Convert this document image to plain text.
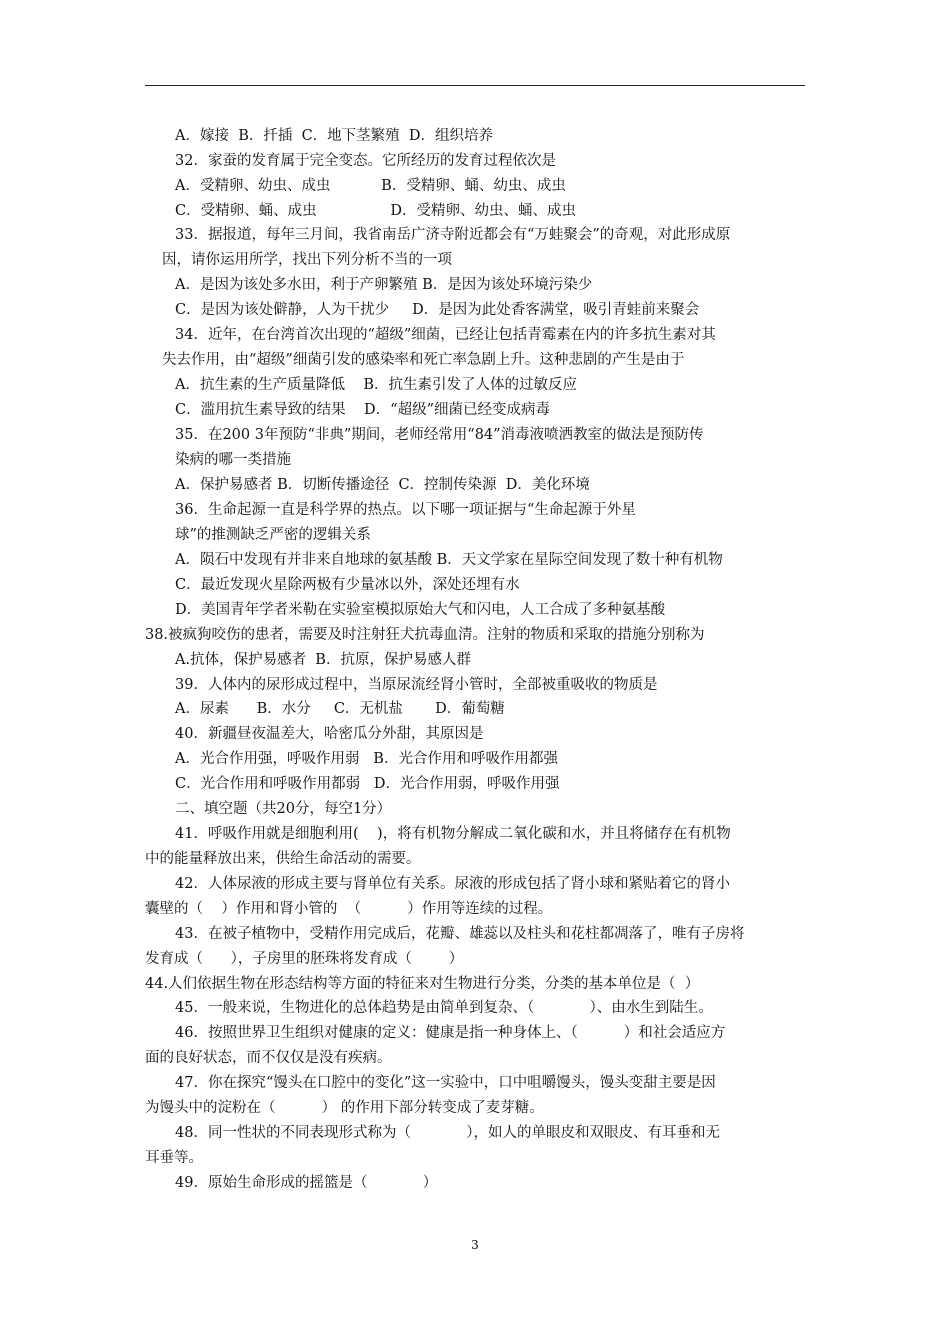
A．嫁接  B．扦插  C．地下茎繁殖  D．组织培养
32．家蚕的发育属于完全变态。它所经历的发育过程依次是
A．受精卵、幼虫、成虫           B．受精卵、蛹、幼虫、成虫
C．受精卵、蛹、成虫                D．受精卵、幼虫、蛹、成虫
33．据报道，每年三月间，我省南岳广济寺附近都会有“万蛙聚会”的奇观，对此形成原
因，请你运用所学，找出下列分析不当的一项
A．是因为该处多水田，利于产卵繁殖 B．是因为该处环境污染少
C．是因为该处僻静，人为干扰少     D．是因为此处香客满堂，吸引青蛙前来聚会
34．近年，在台湾首次出现的“超级”细菌，已经让包括青霉素在内的许多抗生素对其
失去作用，由“超级”细菌引发的感染率和死亡率急剧上升。这种悲剧的产生是由于
A．抗生素的生产质量降低    B．抗生素引发了人体的过敏反应
C．滥用抗生素导致的结果    D．“超级”细菌已经变成病毒
35．在200 3年预防“非典”期间，老师经常用“84”消毒液喷洒教室的做法是预防传
染病的哪一类措施
A．保护易感者 B．切断传播途径  C．控制传染源  D．美化环境
36．生命起源一直是科学界的热点。以下哪一项证据与“生命起源于外星
球”的推测缺乏严密的逻辑关系
A．陨石中发现有并非来自地球的氨基酸 B．天文学家在星际空间发现了数十种有机物
C．最近发现火星除两极有少量冰以外，深处还埋有水
D．美国青年学者米勒在实验室模拟原始大气和闪电，人工合成了多种氨基酸
38.被疯狗咬伤的患者，需要及时注射狂犬抗毒血清。注射的物质和采取的措施分别称为
A.抗体，保护易感者  B．抗原，保护易感人群
39．人体内的尿形成过程中，当原尿流经肾小管时，全部被重吸收的物质是
A．尿素      B．水分     C．无机盐       D．葡萄糖
40．新疆昼夜温差大，哈密瓜分外甜，其原因是
A．光合作用强，呼吸作用弱   B．光合作用和呼吸作用都强
C．光合作用和呼吸作用都弱   D．光合作用弱，呼吸作用强
二、填空题（共20分，每空1分）
41．呼吸作用就是细胞利用(    )，将有机物分解成二氧化碳和水，并且将储存在有机物
中的能量释放出来，供给生命活动的需要。
42．人体尿液的形成主要与肾单位有关系。尿液的形成包括了肾小球和紧贴着它的肾小
囊壁的（    ）作用和肾小管的  （          ）作用等连续的过程。
43．在被子植物中，受精作用完成后，花瓣、雄蕊以及柱头和花柱都凋落了，唯有子房将
发育成（      ），子房里的胚珠将发育成（        ）
44.人们依据生物在形态结构等方面的特征来对生物进行分类，分类的基本单位是（  ）
45．一般来说，生物进化的总体趋势是由简单到复杂、（            ）、由水生到陆生。
46．按照世界卫生组织对健康的定义：健康是指一种身体上、（          ）和社会适应方
面的良好状态，而不仅仅是没有疾病。
47．你在探究“馒头在口腔中的变化”这一实验中，口中咀嚼馒头，馒头变甜主要是因
为馒头中的淀粉在（          ） 的作用下部分转变成了麦芽糖。
48．同一性状的不同表现形式称为（            ），如人的单眼皮和双眼皮、有耳垂和无
耳垂等。
49．原始生命形成的摇篮是（            ）
3
